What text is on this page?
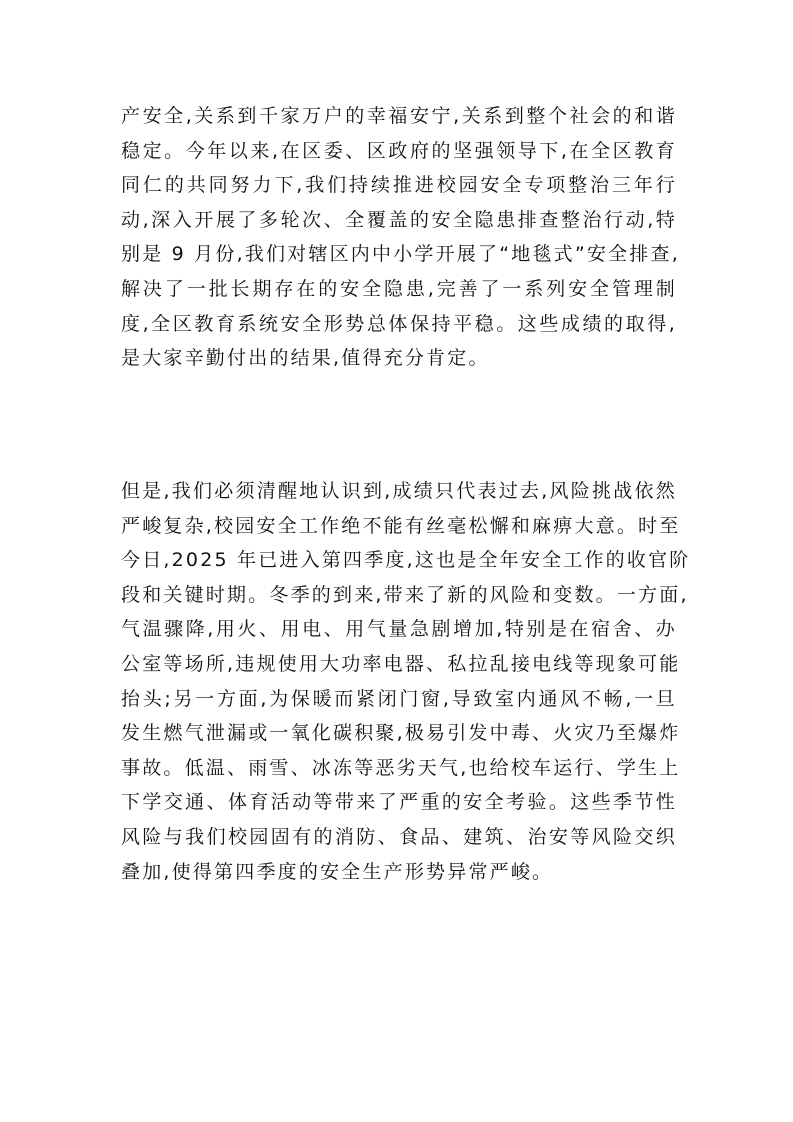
产安全,关系到千家万户的幸福安宁,关系到整个社会的和谐
稳定。今年以来,在区委、区政府的坚强领导下,在全区教育
同仁的共同努力下,我们持续推进校园安全专项整治三年行
动,深入开展了多轮次、全覆盖的安全隐患排查整治行动,特
别是 9 月份,我们对辖区内中小学开展了“地毯式”安全排查,
解决了一批长期存在的安全隐患,完善了一系列安全管理制
度,全区教育系统安全形势总体保持平稳。这些成绩的取得,
是大家辛勤付出的结果,值得充分肯定。
但是,我们必须清醒地认识到,成绩只代表过去,风险挑战依然
严峻复杂,校园安全工作绝不能有丝毫松懈和麻痹大意。时至
今日,2025 年已进入第四季度,这也是全年安全工作的收官阶
段和关键时期。冬季的到来,带来了新的风险和变数。一方面,
气温骤降,用火、用电、用气量急剧增加,特别是在宿舍、办
公室等场所,违规使用大功率电器、私拉乱接电线等现象可能
抬头;另一方面,为保暖而紧闭门窗,导致室内通风不畅,一旦
发生燃气泄漏或一氧化碳积聚,极易引发中毒、火灾乃至爆炸
事故。低温、雨雪、冰冻等恶劣天气,也给校车运行、学生上
下学交通、体育活动等带来了严重的安全考验。这些季节性
风险与我们校园固有的消防、食品、建筑、治安等风险交织
叠加,使得第四季度的安全生产形势异常严峻。
